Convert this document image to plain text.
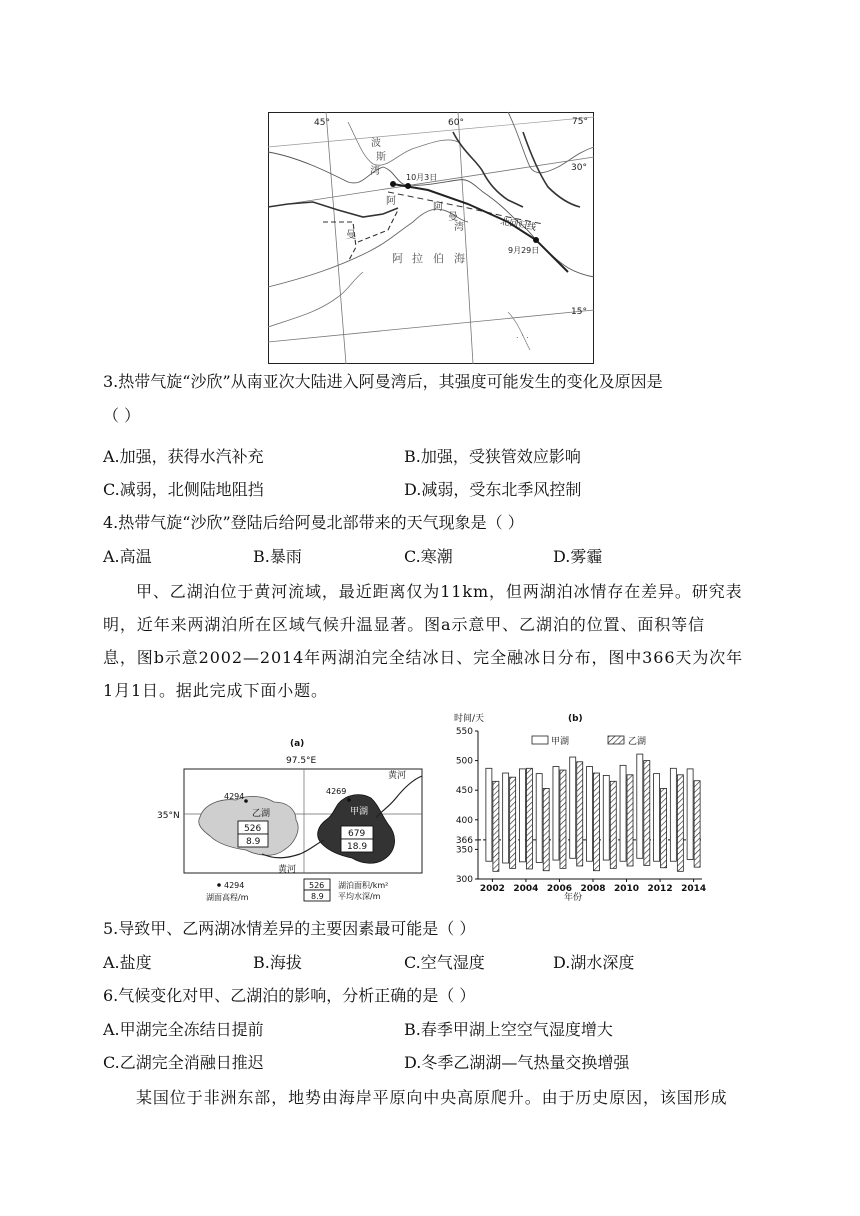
45°	60°	75°
30°
15°
波
斯
湾
阿
曼
湾
阿
曼
阿 拉 伯 海
北回归线
10月3日
9月29日
. · .
3.热带气旋“沙欣”从南亚次大陆进入阿曼湾后，其强度可能发生的变化及原因是
（ ）
A.加强，获得水汽补充	B.加强，受狭管效应影响
C.减弱，北侧陆地阻挡	D.减弱，受东北季风控制
4.热带气旋“沙欣”登陆后给阿曼北部带来的天气现象是（ ）
A.高温	B.暴雨	C.寒潮	D.雾霾

甲、乙湖泊位于黄河流域，最近距离仅为11km，但两湖泊冰情存在差异。研究表

明，近年来两湖泊所在区域气候升温显著。图a示意甲、乙湖泊的位置、面积等信

息，图b示意2002—2014年两湖泊完全结冰日、完全融冰日分布，图中366天为次年

1月1日。据此完成下面小题。

(a)
97.5°E
35°N
黄河
黄河
4294
4269
乙湖	甲湖
526
8.9
679
18.9
4294
湖面高程/m
526
8.9
湖泊面积/km²
平均水深/m
时间/天	(b)
年份
300
350
366
400
450
500
550
2002 2004 2006 2008 2010 2012 2014
甲湖	乙湖
5.导致甲、乙两湖冰情差异的主要因素最可能是（ ）
A.盐度	B.海拔	C.空气湿度	D.湖水深度
6.气候变化对甲、乙湖泊的影响，分析正确的是（ ）
A.甲湖完全冻结日提前	B.春季甲湖上空空气湿度增大
C.乙湖完全消融日推迟	D.冬季乙湖湖—气热量交换增强

某国位于非洲东部，地势由海岸平原向中央高原爬升。由于历史原因，该国形成
